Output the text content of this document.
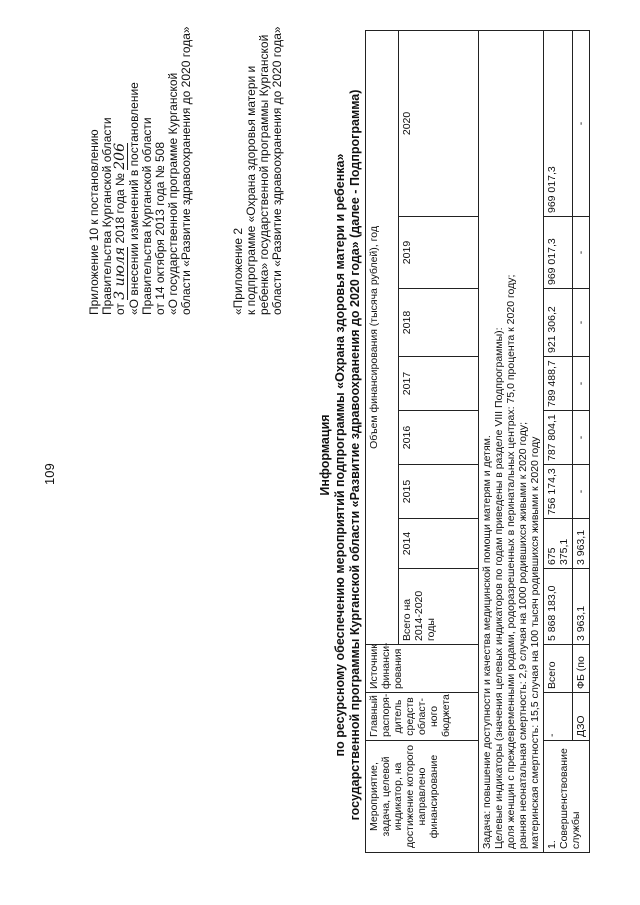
109
Приложение 10 к постановлению Правительства Курганской области от 3 июля 2018 года № 206 «О внесении изменений в постановление Правительства Курганской области от 14 октября 2013 года № 508 «О государственной программе Курганской области «Развитие здравоохранения до 2020 года»	«Приложение 2 к подпрограмме «Охрана здоровья матери и ребенка» государственной программы Курганской области «Развитие здравоохранения до 2020 года»
Информация по ресурсному обеспечению мероприятий подпрограммы «Охрана здоровья матери и ребенка» государственной программы Курганской области «Развитие здравоохранения до 2020 года» (далее - Подпрограмма) Мероприятие, задача, целевой индикатор, на достижение которого направлено финансирование	Главный распоря-дитель средств област-ного бюджета	Источник финанси-рования	Объем финансирования (тысяча рублей), год							
			Всего на 2014-2020 годы	2014	2015	2016	2017	2018	2019	2020

Задача: повышение доступности и качества медицинской помощи матерям и детям. Целевые индикаторы (значения целевых индикаторов по годам приведены в разделе VIII Подпрограммы): доля женщин с преждевременными родами, родоразрешенных в перинатальных центрах: 75,0 процента к 2020 году; ранняя неонатальная смертность: 2,9 случая на 1000 родившихся живыми к 2020 году; материнская смертность: 15,5 случая на 100 тысяч родившихся живыми к 2020 году										

1. Совершенствование службы	-	Всего	5 868 183,0	675 375,1	756 174,3	787 804,1	789 488,7	921 306,2	969 017,3	969 017,3
	ДЗО	ФБ (по	3 963,1	3 963,1	-	-	-	-	-	-
